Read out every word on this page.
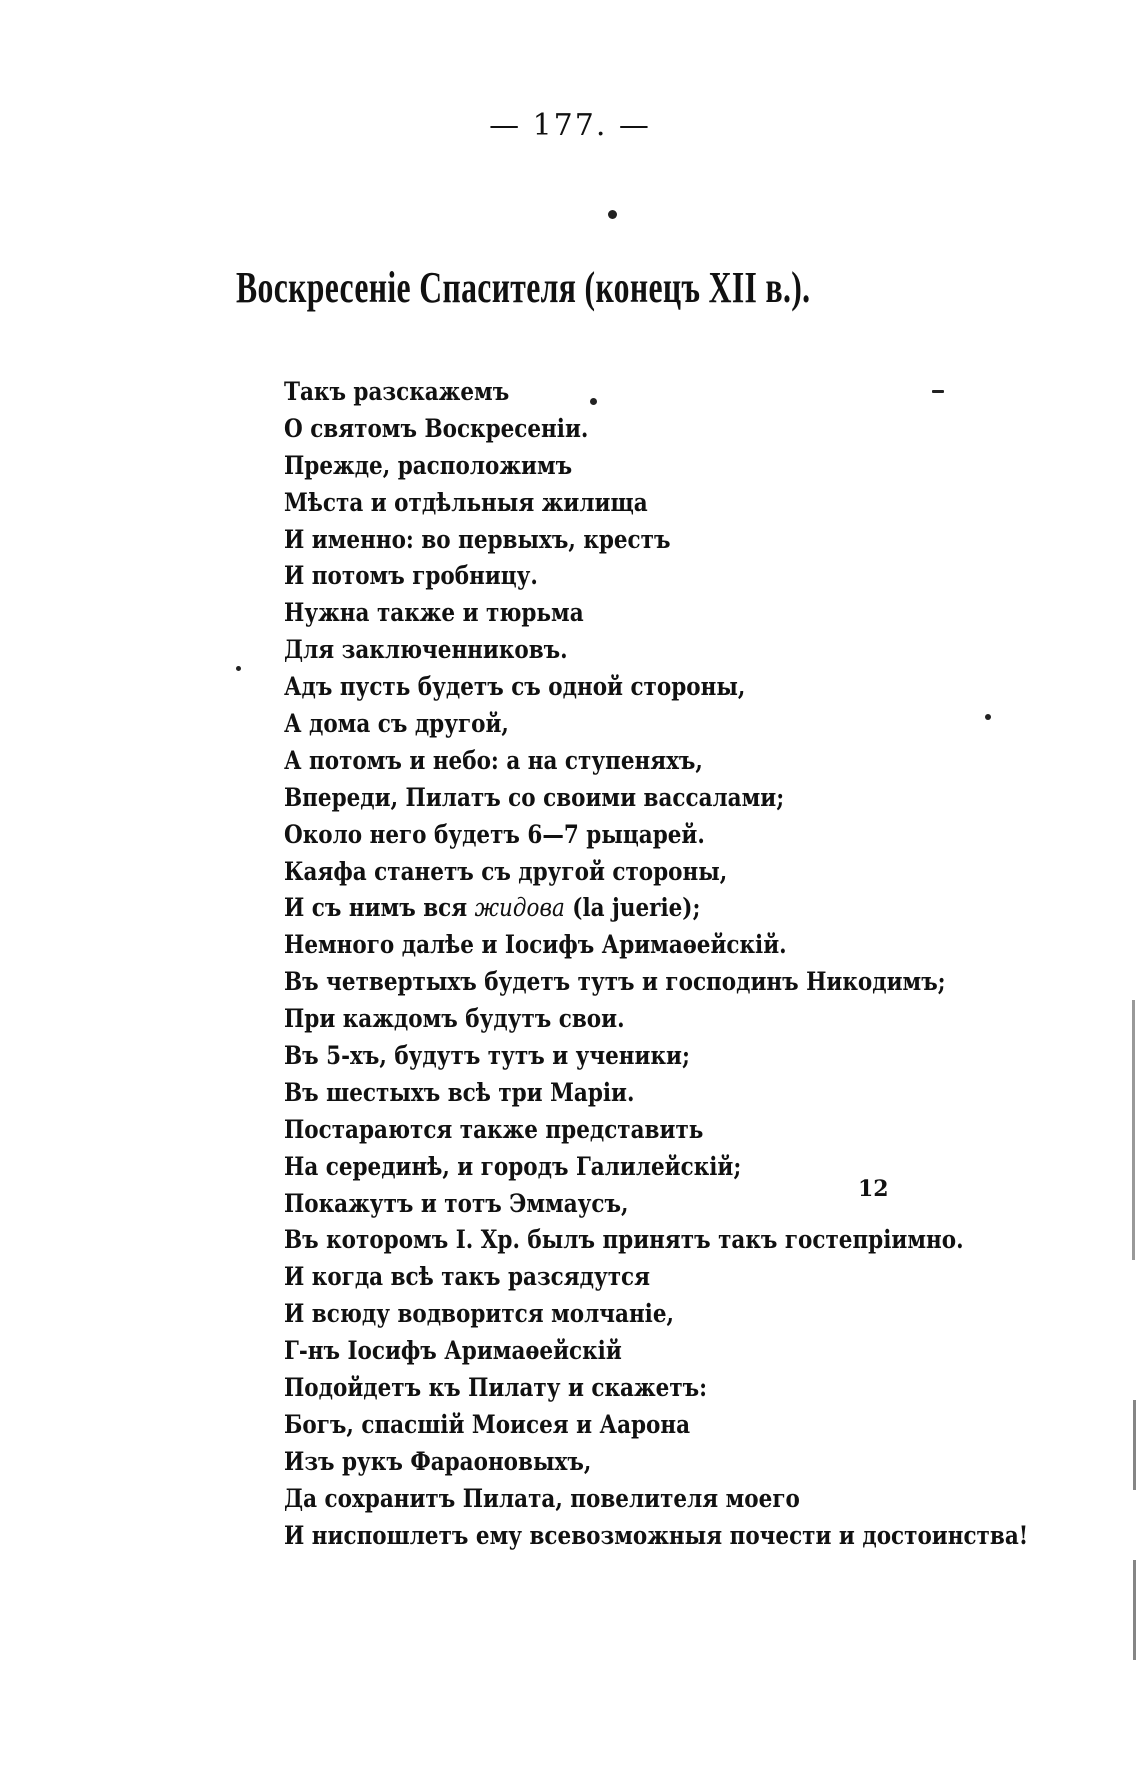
— 177. —
Воскресеніе Спасителя (конецъ XII в.).
Такъ разскажемъ
О святомъ Воскресеніи.
Прежде, расположимъ
Мѣста и отдѣльныя жилища
И именно: во первыхъ, крестъ
И потомъ гробницу.
Нужна также и тюрьма
Для заключенниковъ.
Адъ пусть будетъ съ одной стороны,
А дома съ другой,
А потомъ и небо: а на ступеняхъ,
Впереди, Пилатъ со своими вассалами;
Около него будетъ 6—7 рыцарей.
Каяфа станетъ съ другой стороны,
И съ нимъ вся жидова (la juerie);
Немного далѣе и Іосифъ Аримаѳейскій.
Въ четвертыхъ будетъ тутъ и господинъ Никодимъ;
При каждомъ будутъ свои.
Въ 5-хъ, будутъ тутъ и ученики;
Въ шестыхъ всѣ три Маріи.
Постараются также представить
На серединѣ, и городъ Галилейскій;
Покажутъ и тотъ Эммаусъ,
Въ которомъ І. Хр. былъ принятъ такъ гостепріимно.
И когда всѣ такъ разсядутся
И всюду водворится молчаніе,
Г-нъ Іосифъ Аримаѳейскій
Подойдетъ къ Пилату и скажетъ:
Богъ, спасшій Моисея и Аарона
Изъ рукъ Фараоновыхъ,
Да сохранитъ Пилата, повелителя моего
И ниспошлетъ ему всевозможныя почести и достоинства!
12
